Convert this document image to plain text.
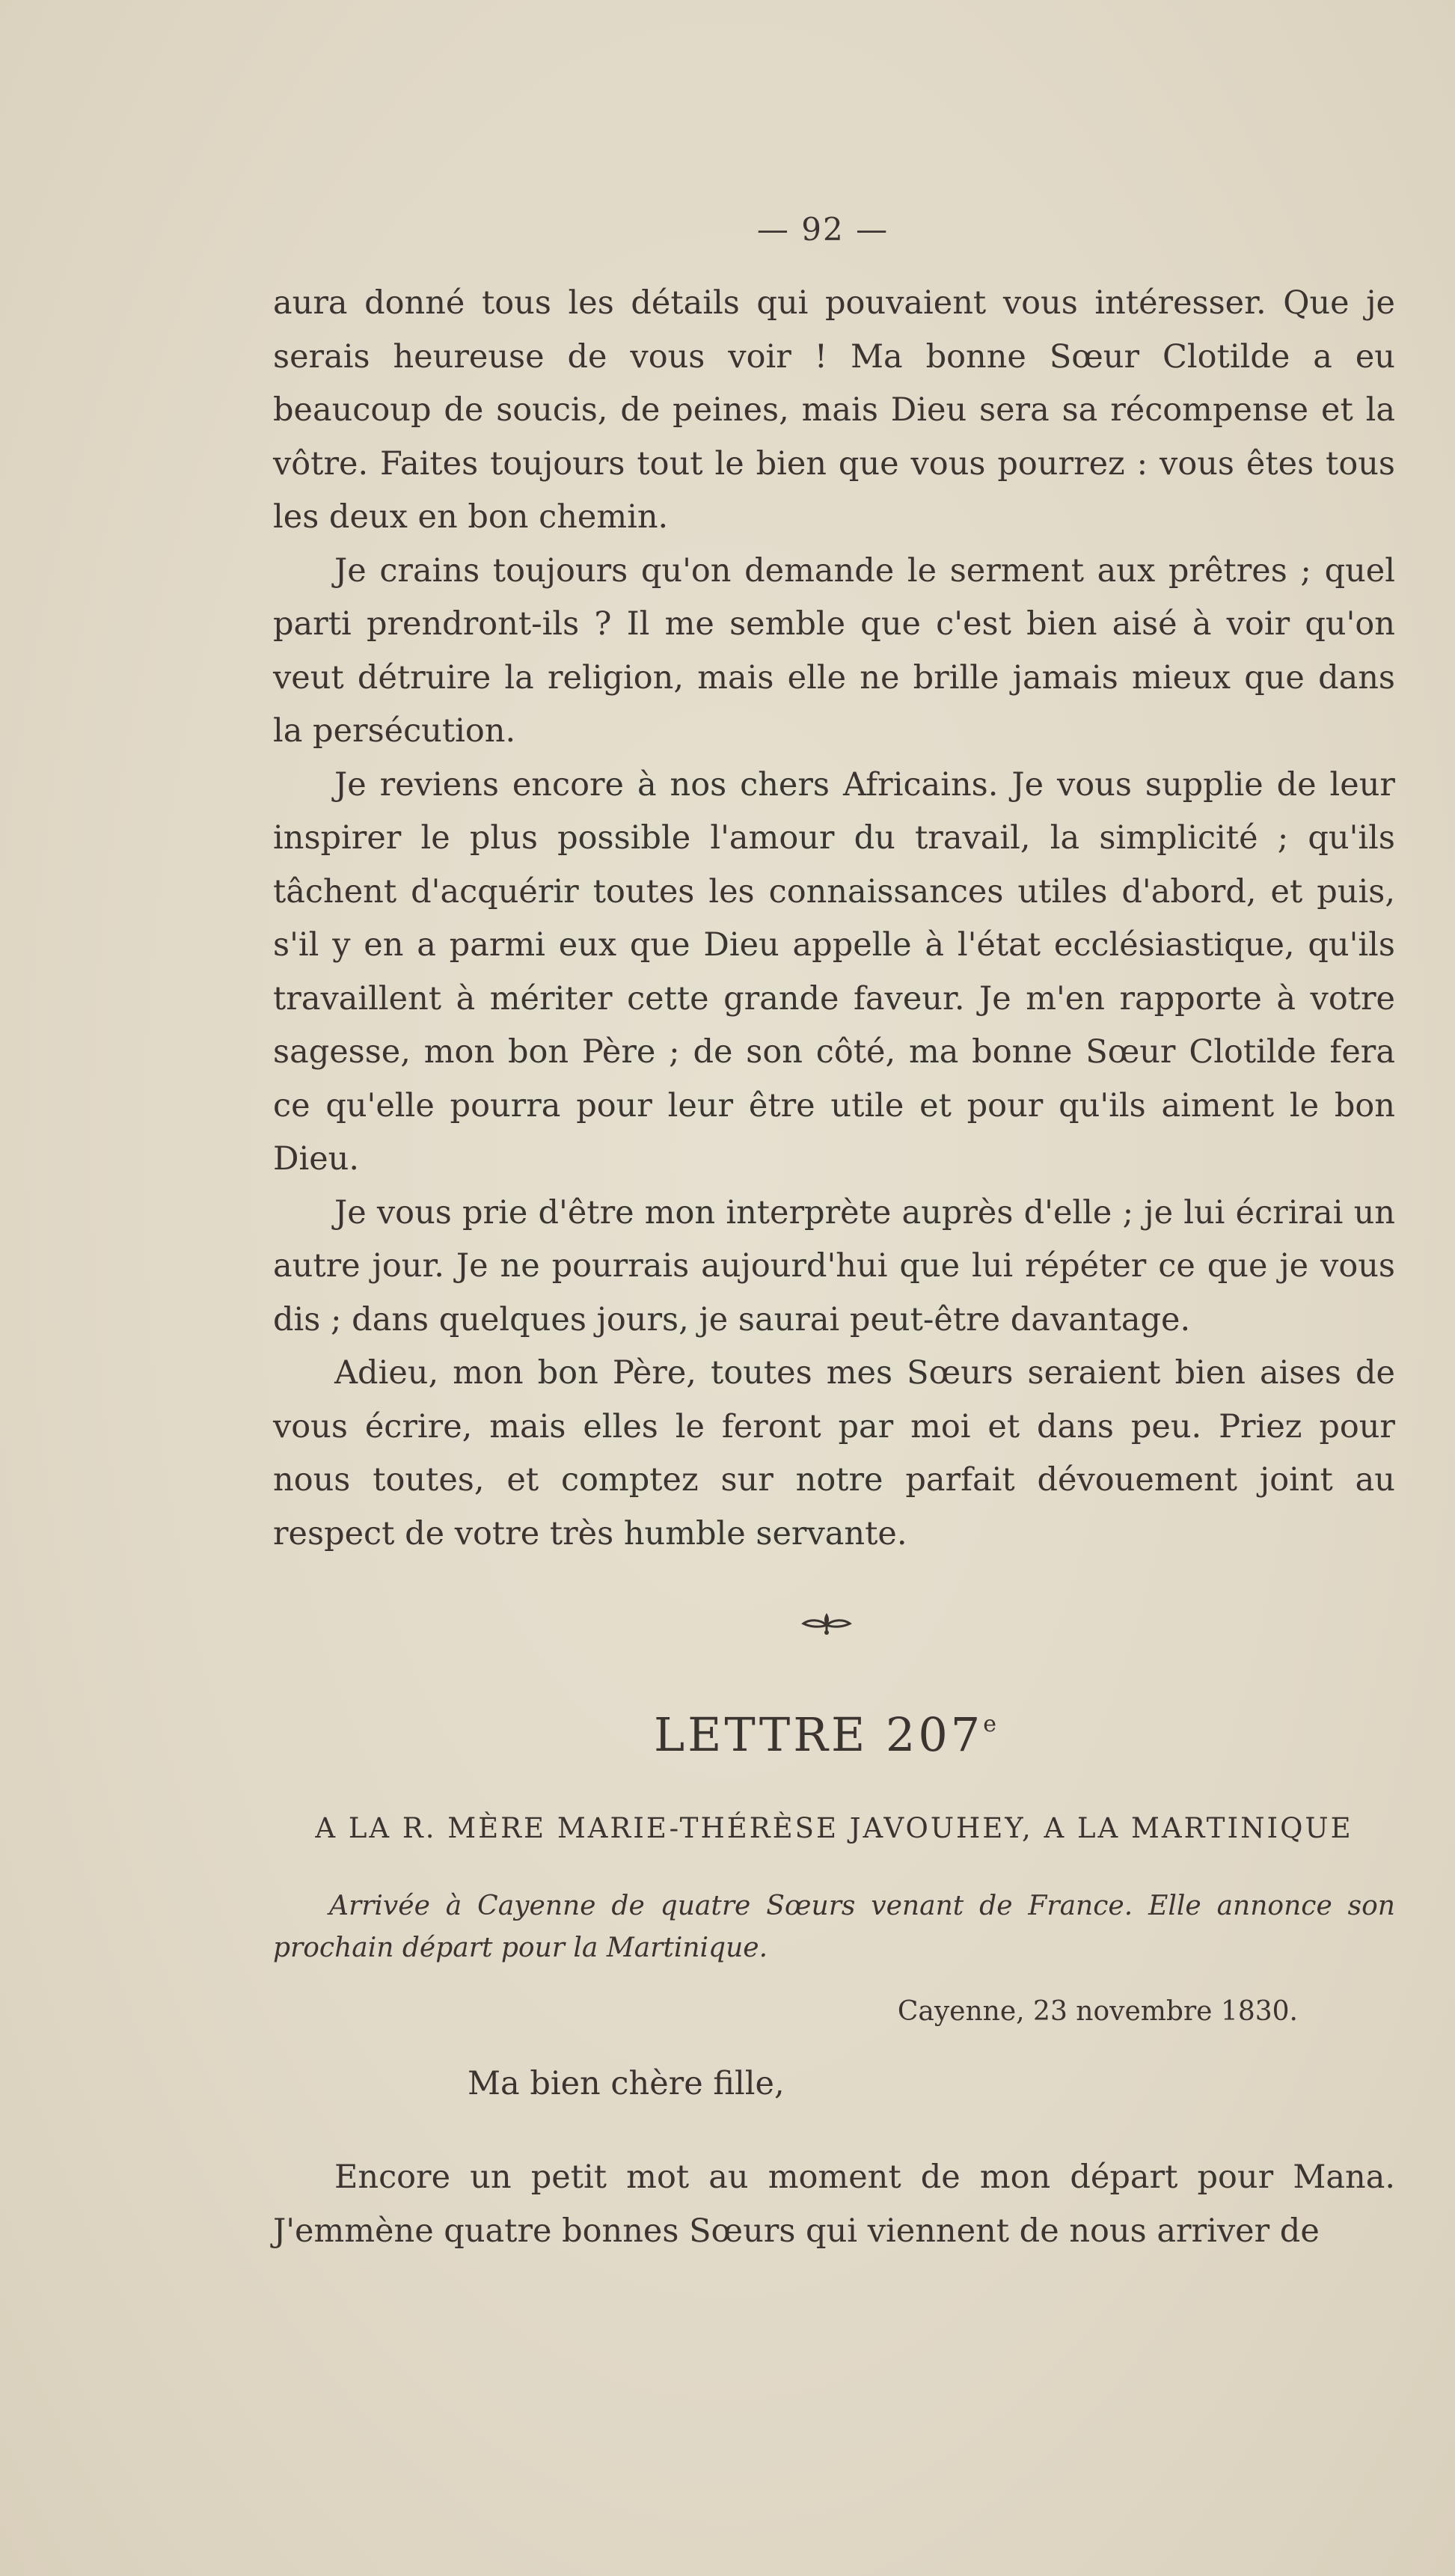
— 92 —

aura donné tous les détails qui pouvaient vous intéresser. Que je serais heureuse de vous voir ! Ma bonne Sœur Clotilde a eu beaucoup de soucis, de peines, mais Dieu sera sa récompense et la vôtre. Faites toujours tout le bien que vous pourrez : vous êtes tous les deux en bon chemin.

Je crains toujours qu'on demande le serment aux prêtres ; quel parti prendront-ils ? Il me semble que c'est bien aisé à voir qu'on veut détruire la religion, mais elle ne brille jamais mieux que dans la persécution.

Je reviens encore à nos chers Africains. Je vous supplie de leur inspirer le plus possible l'amour du travail, la simplicité ; qu'ils tâchent d'acquérir toutes les connaissances utiles d'abord, et puis, s'il y en a parmi eux que Dieu appelle à l'état ecclésiastique, qu'ils travaillent à mériter cette grande faveur. Je m'en rapporte à votre sagesse, mon bon Père ; de son côté, ma bonne Sœur Clotilde fera ce qu'elle pourra pour leur être utile et pour qu'ils aiment le bon Dieu.

Je vous prie d'être mon interprète auprès d'elle ; je lui écrirai un autre jour. Je ne pourrais aujourd'hui que lui répéter ce que je vous dis ; dans quelques jours, je saurai peut-être davantage.

Adieu, mon bon Père, toutes mes Sœurs seraient bien aises de vous écrire, mais elles le feront par moi et dans peu. Priez pour nous toutes, et comptez sur notre parfait dévouement joint au respect de votre très humble servante.

LETTRE 207e
A LA R. MÈRE MARIE-THÉRÈSE JAVOUHEY, A LA MARTINIQUE

Arrivée à Cayenne de quatre Sœurs venant de France. Elle annonce son prochain départ pour la Martinique.

Cayenne, 23 novembre 1830.
Ma bien chère fille,

Encore un petit mot au moment de mon départ pour Mana. J'emmène quatre bonnes Sœurs qui viennent de nous arriver de
